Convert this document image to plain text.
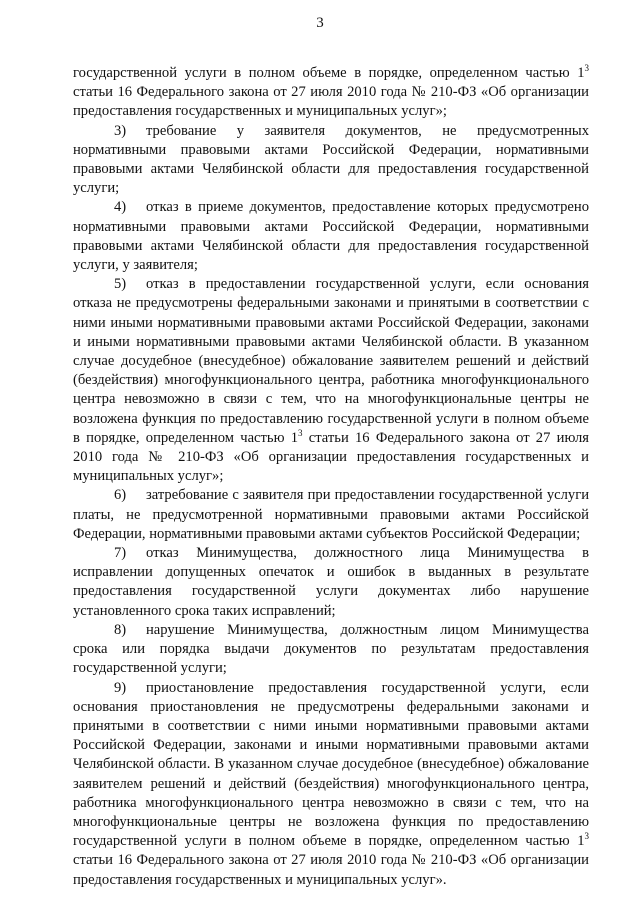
3

государственной услуги в полном объеме в порядке, определенном частью $1^3$ статьи 16 Федерального закона от 27 июля 2010 года № 210-ФЗ «Об организации предоставления государственных и муниципальных услуг»;

3) требование у заявителя документов, не предусмотренных нормативными правовыми актами Российской Федерации, нормативными правовыми актами Челябинской области для предоставления государственной услуги;

4) отказ в приеме документов, предоставление которых предусмотрено нормативными правовыми актами Российской Федерации, нормативными правовыми актами Челябинской области для предоставления государственной услуги, у заявителя;

5) отказ в предоставлении государственной услуги, если основания отказа не предусмотрены федеральными законами и принятыми в соответствии с ними иными нормативными правовыми актами Российской Федерации, законами и иными нормативными правовыми актами Челябинской области. В указанном случае досудебное (внесудебное) обжалование заявителем решений и действий (бездействия) многофункционального центра, работника многофункционального центра невозможно в связи с тем, что на многофункциональные центры не возложена функция по предоставлению государственной услуги в полном объеме в порядке, определенном частью $1^3$ статьи 16 Федерального закона от 27 июля 2010 года № 210-ФЗ «Об организации предоставления государственных и муниципальных услуг»;

6) затребование с заявителя при предоставлении государственной услуги платы, не предусмотренной нормативными правовыми актами Российской Федерации, нормативными правовыми актами субъектов Российской Федерации;

7) отказ Минимущества, должностного лица Минимущества в исправлении допущенных опечаток и ошибок в выданных в результате предоставления государственной услуги документах либо нарушение установленного срока таких исправлений;

8) нарушение Минимущества, должностным лицом Минимущества срока или порядка выдачи документов по результатам предоставления государственной услуги;

9) приостановление предоставления государственной услуги, если основания приостановления не предусмотрены федеральными законами и принятыми в соответствии с ними иными нормативными правовыми актами Российской Федерации, законами и иными нормативными правовыми актами Челябинской области. В указанном случае досудебное (внесудебное) обжалование заявителем решений и действий (бездействия) многофункционального центра, работника многофункционального центра невозможно в связи с тем, что на многофункциональные центры не возложена функция по предоставлению государственной услуги в полном объеме в порядке, определенном частью $1^3$ статьи 16 Федерального закона от 27 июля 2010 года № 210-ФЗ «Об организации предоставления государственных и муниципальных услуг».
